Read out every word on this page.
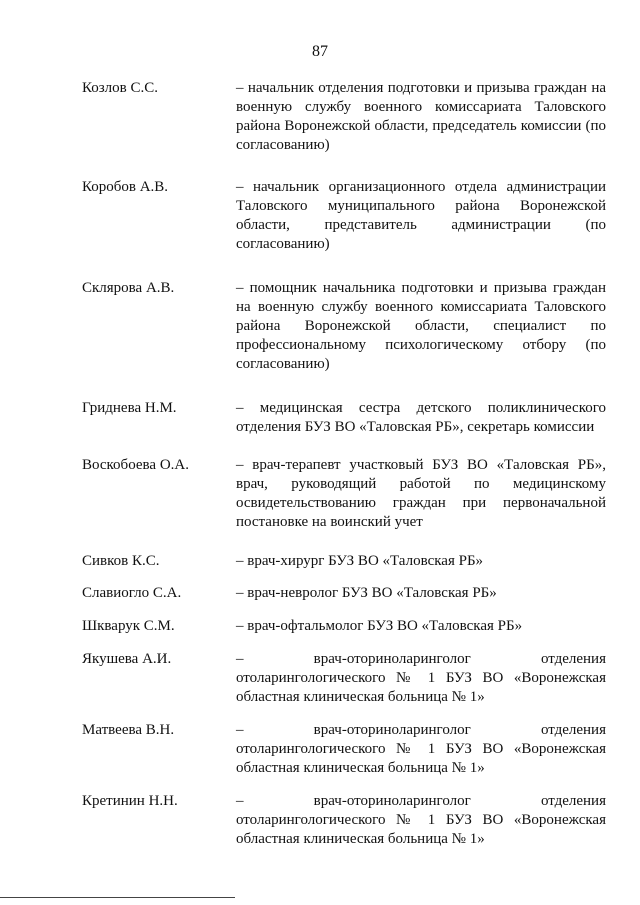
87
Козлов С.С.	– начальник отделения подготовки и призыва граждан на военную службу военного комиссариата Таловского района Воронежской области, председатель комиссии (по согласованию)
Коробов А.В.	– начальник организационного отдела администрации Таловского муниципального района Воронежской области, представитель администрации (по согласованию)
Склярова А.В.	– помощник начальника подготовки и призыва граждан на военную службу военного комиссариата Таловского района Воронежской области, специалист по профессиональному психологическому отбору (по согласованию)
Гриднева Н.М.	– медицинская сестра детского поликлинического отделения БУЗ ВО «Таловская РБ», секретарь комиссии
Воскобоева О.А.	– врач-терапевт участковый БУЗ ВО «Таловская РБ», врач, руководящий работой по медицинскому освидетельствованию граждан при первоначальной постановке на воинский учет
Сивков К.С.	– врач-хирург БУЗ ВО «Таловская РБ»
Славиогло С.А.	– врач-невролог БУЗ ВО «Таловская РБ»
Шкварук С.М.	– врач-офтальмолог БУЗ ВО «Таловская РБ»
Якушева А.И.	– врач-оториноларинголог отделения отоларингологического № 1 БУЗ ВО «Воронежская областная клиническая больница № 1»
Матвеева В.Н.	– врач-оториноларинголог отделения отоларингологического № 1 БУЗ ВО «Воронежская областная клиническая больница № 1»
Кретинин Н.Н.	– врач-оториноларинголог отделения отоларингологического № 1 БУЗ ВО «Воронежская областная клиническая больница № 1»
